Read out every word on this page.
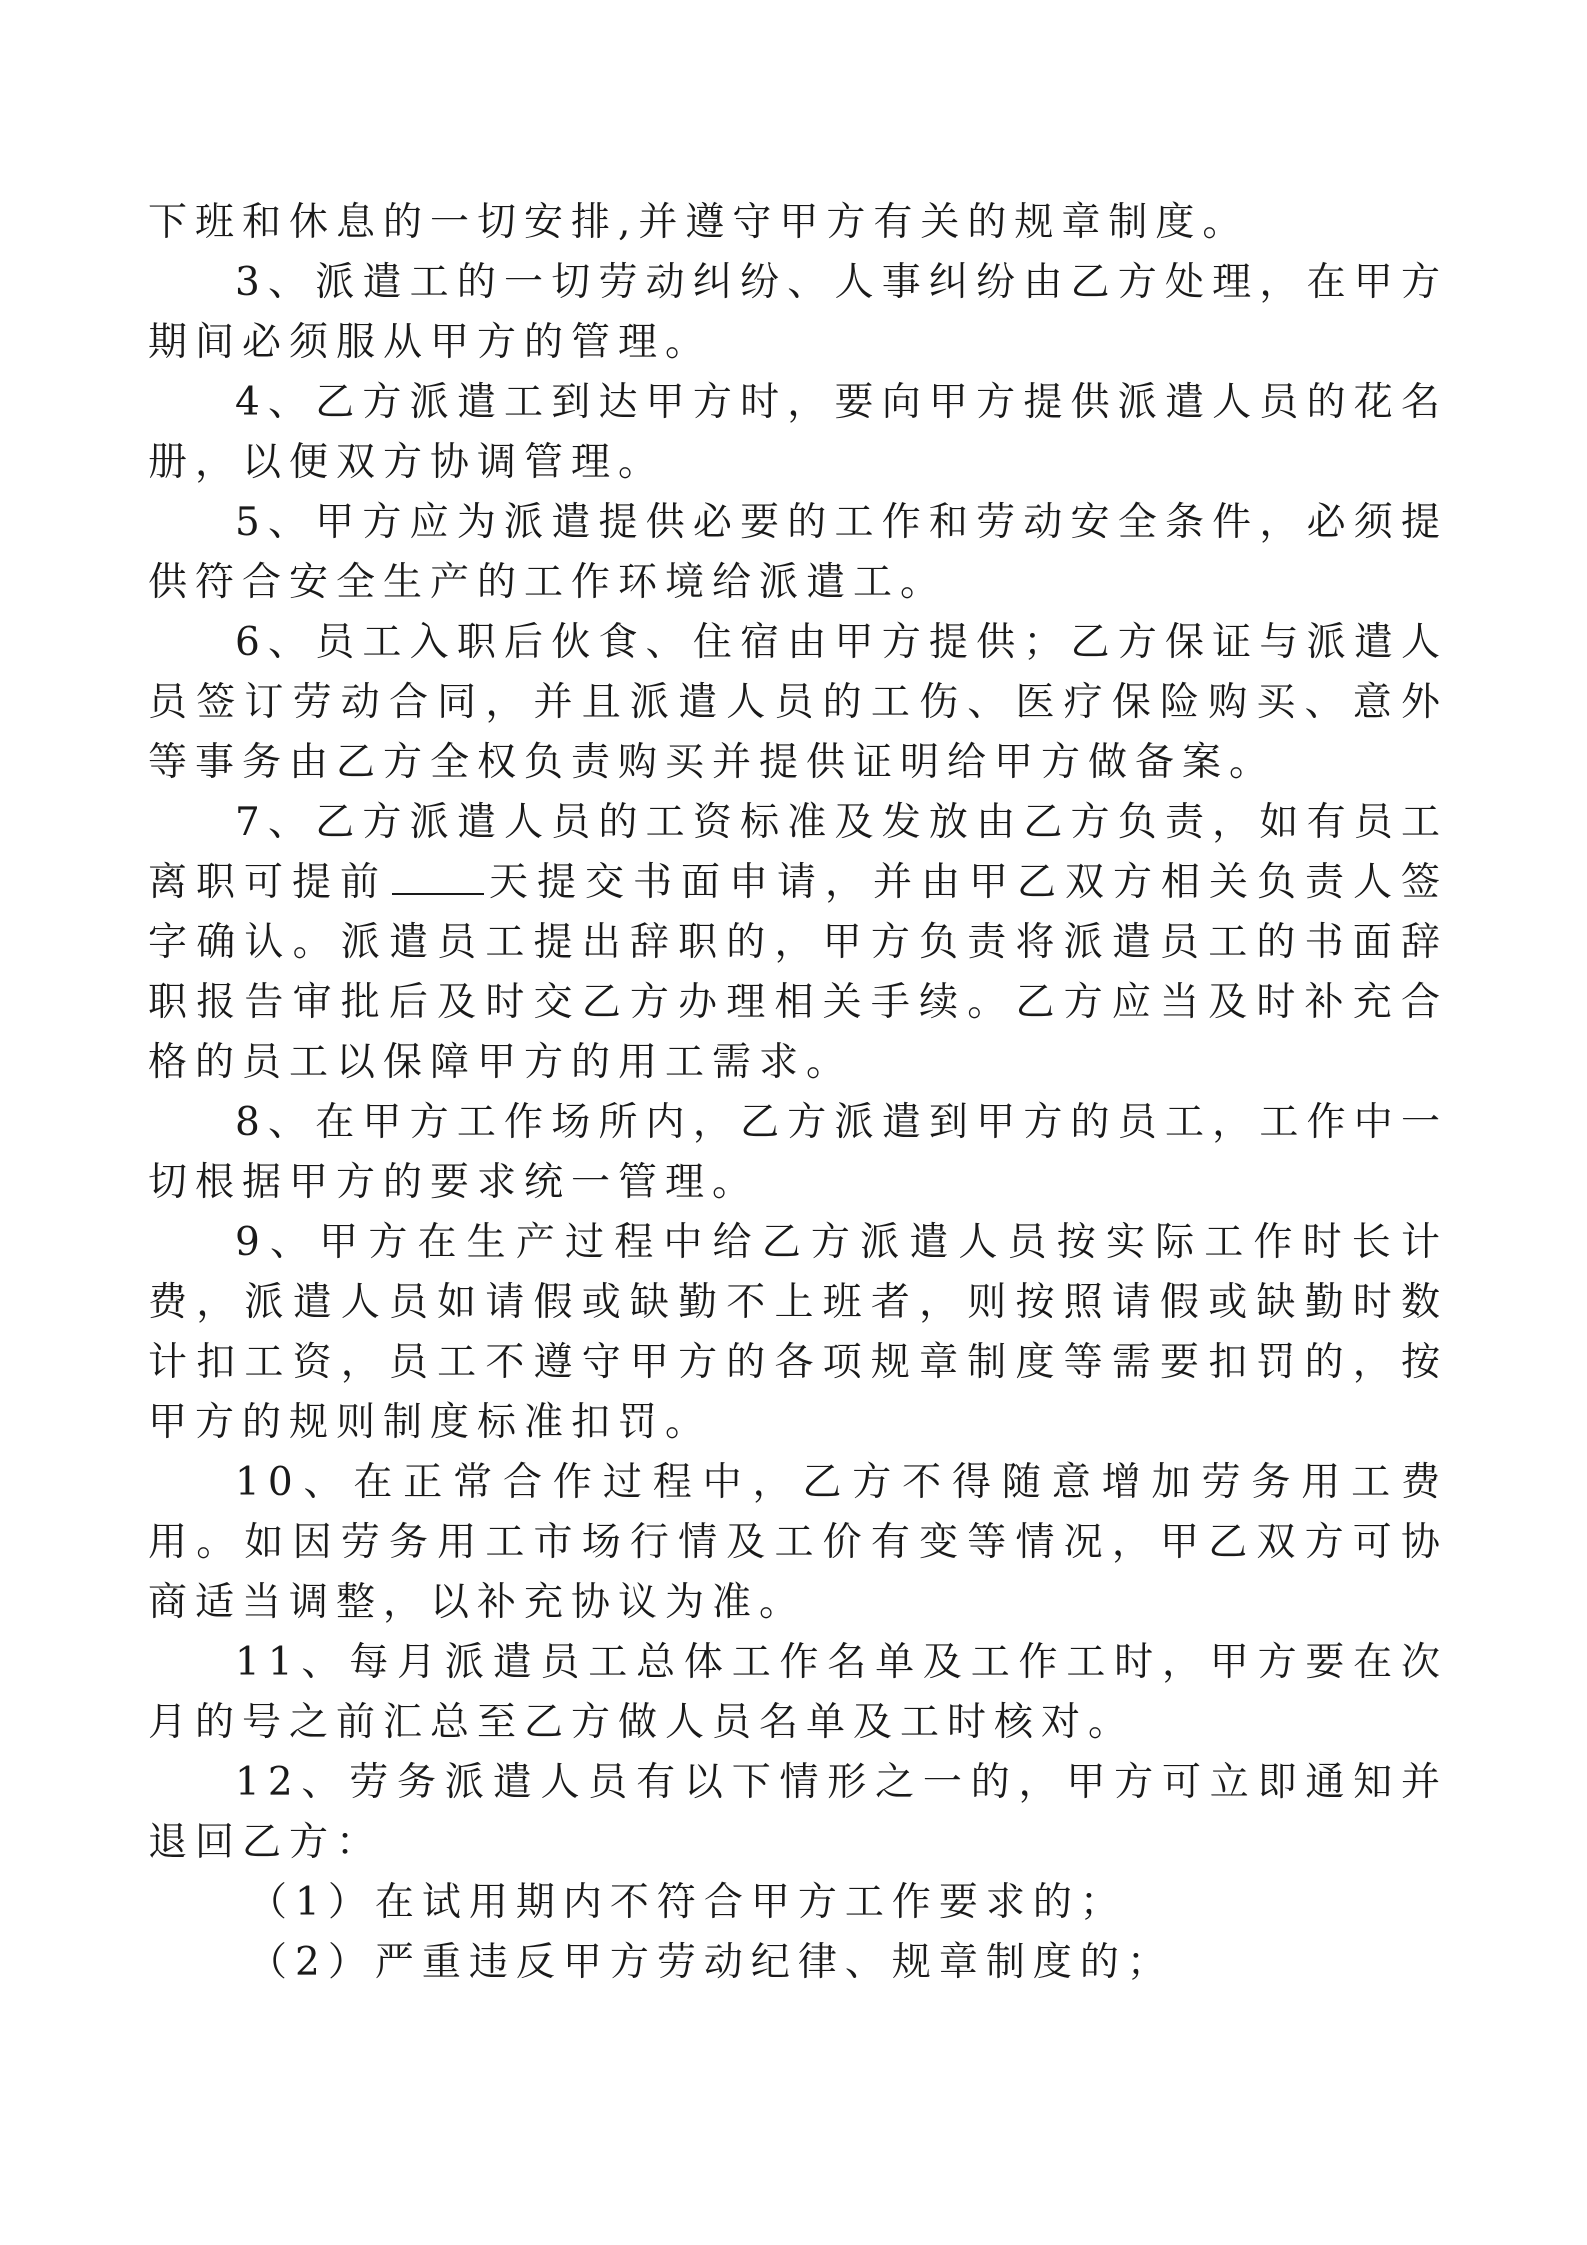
下班和休息的一切安排,并遵守甲方有关的规章制度。

3、派遣工的一切劳动纠纷、人事纠纷由乙方处理，在甲方期间必须服从甲方的管理。

4、乙方派遣工到达甲方时，要向甲方提供派遣人员的花名册，以便双方协调管理。

5、甲方应为派遣提供必要的工作和劳动安全条件，必须提供符合安全生产的工作环境给派遣工。

6、员工入职后伙食、住宿由甲方提供；乙方保证与派遣人员签订劳动合同，并且派遣人员的工伤、医疗保险购买、意外等事务由乙方全权负责购买并提供证明给甲方做备案。

7、乙方派遣人员的工资标准及发放由乙方负责，如有员工离职可提前	天提交书面申请，并由甲乙双方相关负责人签字确认。派遣员工提出辞职的，甲方负责将派遣员工的书面辞职报告审批后及时交乙方办理相关手续。乙方应当及时补充合格的员工以保障甲方的用工需求。

8、在甲方工作场所内，乙方派遣到甲方的员工，工作中一切根据甲方的要求统一管理。

9、甲方在生产过程中给乙方派遣人员按实际工作时长计费，派遣人员如请假或缺勤不上班者，则按照请假或缺勤时数计扣工资，员工不遵守甲方的各项规章制度等需要扣罚的，按甲方的规则制度标准扣罚。

10、在正常合作过程中，乙方不得随意增加劳务用工费用。如因劳务用工市场行情及工价有变等情况，甲乙双方可协商适当调整，以补充协议为准。

11、每月派遣员工总体工作名单及工作工时，甲方要在次月的号之前汇总至乙方做人员名单及工时核对。

12、劳务派遣人员有以下情形之一的，甲方可立即通知并退回乙方：

（1）在试用期内不符合甲方工作要求的；

（2）严重违反甲方劳动纪律、规章制度的；
